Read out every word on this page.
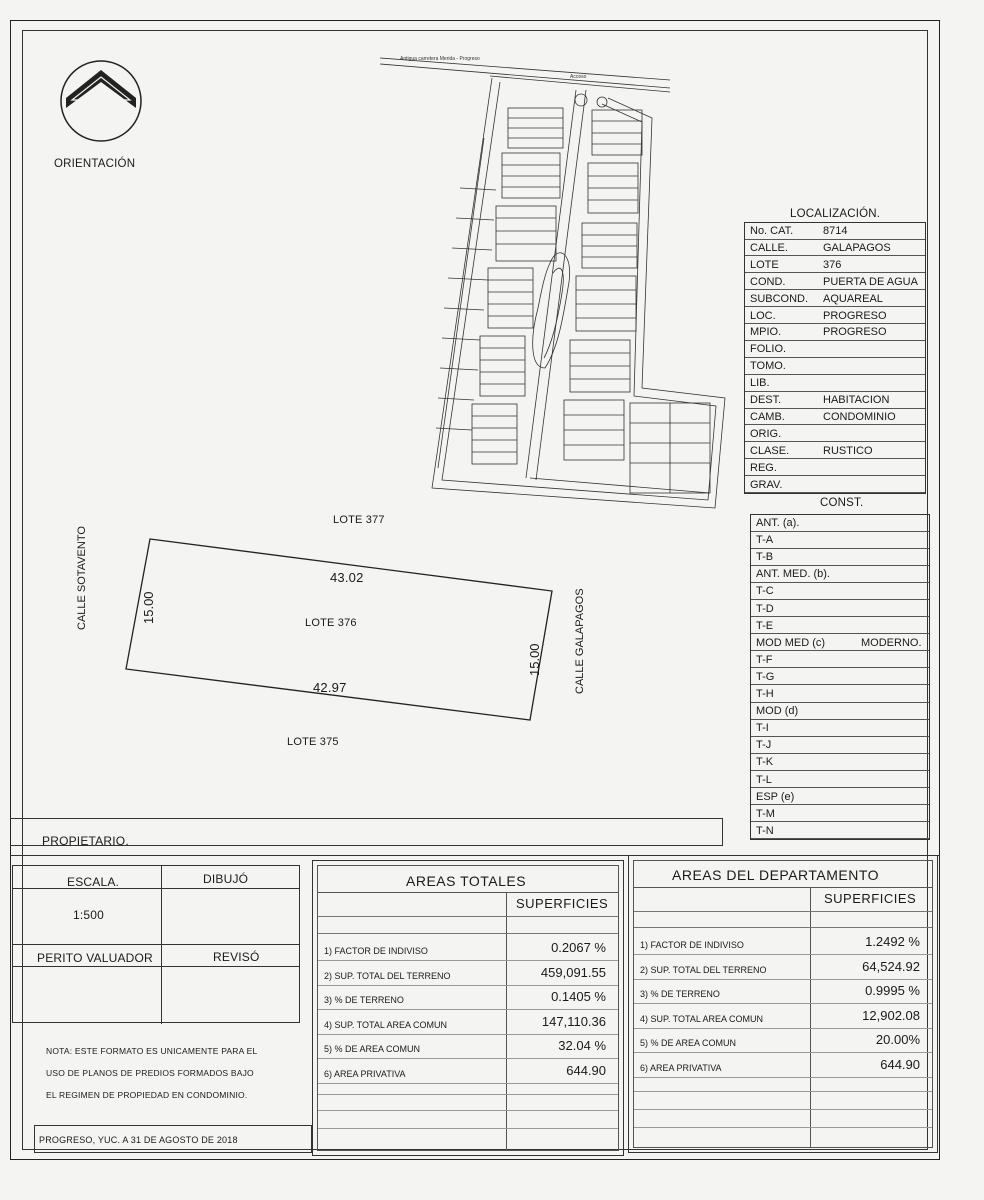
ORIENTACIÓN
Antigua carretera Merida - Progreso
Acceso
LOCALIZACIÓN.
No. CAT.	8714
CALLE.	GALAPAGOS
LOTE	376
COND.	PUERTA DE AGUA
SUBCOND. AQUAREAL
LOC.	PROGRESO
MPIO.	PROGRESO
FOLIO.
TOMO.
LIB.
DEST.	HABITACION
CAMB.	CONDOMINIO
ORIG.
CLASE.	RUSTICO
REG.
GRAV.
CONST.
ANT. (a).
T-A
T-B
ANT. MED. (b).
T-C
T-D
T-E
MOD MED (c)	MODERNO.
T-F
T-G
T-H
MOD (d)
T-I
T-J
T-K
T-L
ESP (e)
T-M
T-N
LOTE 377
43.02
LOTE 376
42.97
LOTE 375
15.00
15.00
CALLE SOTAVENTO
CALLE GALAPAGOS
PROPIETARIO.
ESCALA.	DIBUJÓ
1:500
PERITO VALUADOR	REVISÓ
NOTA: ESTE FORMATO ES UNICAMENTE PARA EL
USO DE PLANOS DE PREDIOS FORMADOS BAJO
EL REGIMEN DE PROPIEDAD EN CONDOMINIO.
PROGRESO, YUC. A 31 DE AGOSTO DE 2018
AREAS TOTALES
SUPERFICIES
1) FACTOR DE INDIVISO	0.2067 %
2) SUP. TOTAL DEL TERRENO	459,091.55
3) % DE TERRENO	0.1405 %
4) SUP. TOTAL AREA COMUN	147,110.36
5) % DE AREA COMUN	32.04 %
6) AREA PRIVATIVA	644.90
AREAS DEL DEPARTAMENTO
SUPERFICIES
1) FACTOR DE INDIVISO	1.2492 %
2) SUP. TOTAL DEL TERRENO	64,524.92
3) % DE TERRENO	0.9995 %
4) SUP. TOTAL AREA COMUN	12,902.08
5) % DE AREA COMUN	20.00%
6) AREA PRIVATIVA	644.90
